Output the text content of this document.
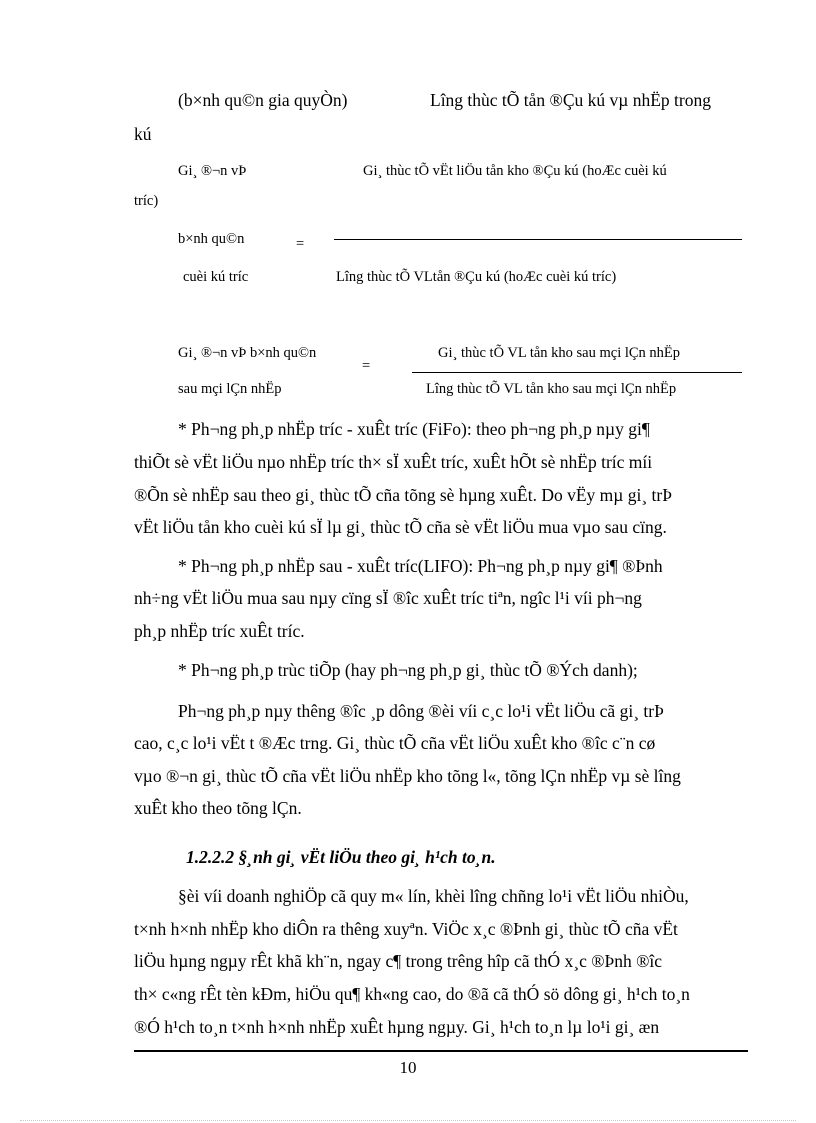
(b×nh qu©n gia quyÒn)	Lîng thùc tÕ tån ®Çu kú vµ nhËp trong
kú
Gi¸ ®¬n vÞ	Gi¸ thùc tÕ vËt liÖu tån kho ®Çu kú (hoÆc cuèi kú
tríc)
b×nh qu©n	=
cuèi kú tríc	Lîng thùc tÕ VLtån ®Çu kú (hoÆc cuèi kú tríc)
Gi¸ ®¬n vÞ b×nh qu©n	Gi¸ thùc tÕ VL tån kho sau mçi lÇn nhËp
=
sau mçi lÇn nhËp	Lîng thùc tÕ VL tån kho sau mçi lÇn nhËp
* Ph¬ng ph¸p nhËp tríc - xuÊt tríc (FiFo): theo ph¬ng ph¸p nµy gi¶
thiÕt sè vËt liÖu nµo nhËp tríc th× sÏ xuÊt tríc, xuÊt hÕt sè nhËp tríc míi
®Õn sè nhËp sau theo gi¸ thùc tÕ cña tõng sè hµng xuÊt. Do vËy mµ gi¸ trÞ
vËt liÖu tån kho cuèi kú sÏ lµ gi¸ thùc tÕ cña sè vËt liÖu mua vµo sau cïng.
* Ph¬ng ph¸p nhËp sau - xuÊt tríc(LIFO): Ph¬ng ph¸p nµy gi¶ ®Þnh
nh÷ng vËt liÖu mua sau nµy cïng sÏ ®îc xuÊt tríc tiªn, ngîc l¹i víi ph¬ng
ph¸p nhËp tríc xuÊt tríc.
* Ph¬ng ph¸p trùc tiÕp (hay ph¬ng ph¸p gi¸ thùc tÕ ®Ých danh);
Ph¬ng ph¸p nµy thêng ®îc ¸p dông ®èi víi c¸c lo¹i vËt liÖu cã gi¸ trÞ
cao, c¸c lo¹i vËt t ®Æc trng. Gi¸ thùc tÕ cña vËt liÖu xuÊt kho ®îc c¨n cø
vµo ®¬n gi¸ thùc tÕ cña vËt liÖu nhËp kho tõng l«, tõng lÇn nhËp vµ sè lîng
xuÊt kho theo tõng lÇn.
1.2.2.2 §¸nh gi¸ vËt liÖu theo gi¸ h¹ch to¸n.
§èi víi doanh nghiÖp cã quy m« lín, khèi lîng chñng lo¹i vËt liÖu nhiÒu,
t×nh h×nh nhËp kho diÔn ra thêng xuyªn. ViÖc x¸c ®Þnh gi¸ thùc tÕ cña vËt
liÖu hµng ngµy rÊt khã kh¨n, ngay c¶ trong trêng hîp cã thÓ x¸c ®Þnh ®îc
th× c«ng rÊt tèn kÐm, hiÖu qu¶ kh«ng cao, do ®ã cã thÓ sö dông gi¸ h¹ch to¸n
®Ó h¹ch to¸n t×nh h×nh nhËp xuÊt hµng ngµy. Gi¸ h¹ch to¸n lµ lo¹i gi¸ æn
10
